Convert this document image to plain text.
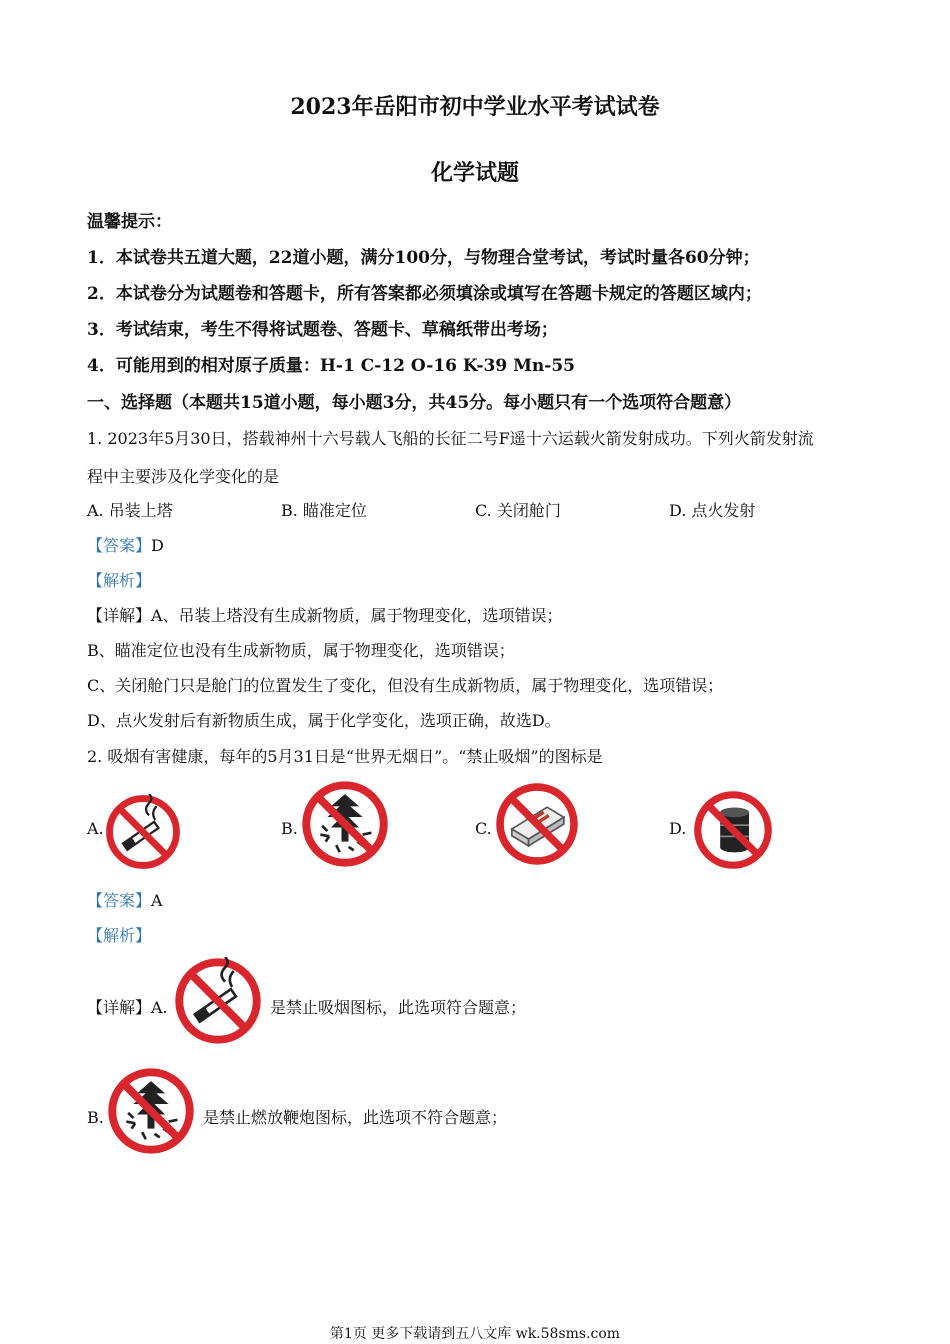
2023年岳阳市初中学业水平考试试卷
化学试题
温馨提示：
1．本试卷共五道大题，22道小题，满分100分，与物理合堂考试，考试时量各60分钟；
2．本试卷分为试题卷和答题卡，所有答案都必须填涂或填写在答题卡规定的答题区域内；
3．考试结束，考生不得将试题卷、答题卡、草稿纸带出考场；
4．可能用到的相对原子质量：H-1 C-12 O-16 K-39 Mn-55
一、选择题（本题共15道小题，每小题3分，共45分。每小题只有一个选项符合题意）
1. 2023年5月30日，搭载神州十六号载人飞船的长征二号F遥十六运载火箭发射成功。下列火箭发射流
程中主要涉及化学变化的是
A. 吊装上塔	B. 瞄准定位	C. 关闭舱门	D. 点火发射
【答案】D
【解析】
【详解】A、吊装上塔没有生成新物质，属于物理变化，选项错误；
B、瞄准定位也没有生成新物质，属于物理变化，选项错误；
C、关闭舱门只是舱门的位置发生了变化，但没有生成新物质，属于物理变化，选项错误；
D、点火发射后有新物质生成，属于化学变化，选项正确，故选D。
2. 吸烟有害健康，每年的5月31日是“世界无烟日”。“禁止吸烟”的图标是
A.	B.	C.	D.
【答案】A
【解析】
【详解】A.	是禁止吸烟图标，此选项符合题意；
B.	是禁止燃放鞭炮图标，此选项不符合题意；
第1页 更多下载请到五八文库 wk.58sms.com
